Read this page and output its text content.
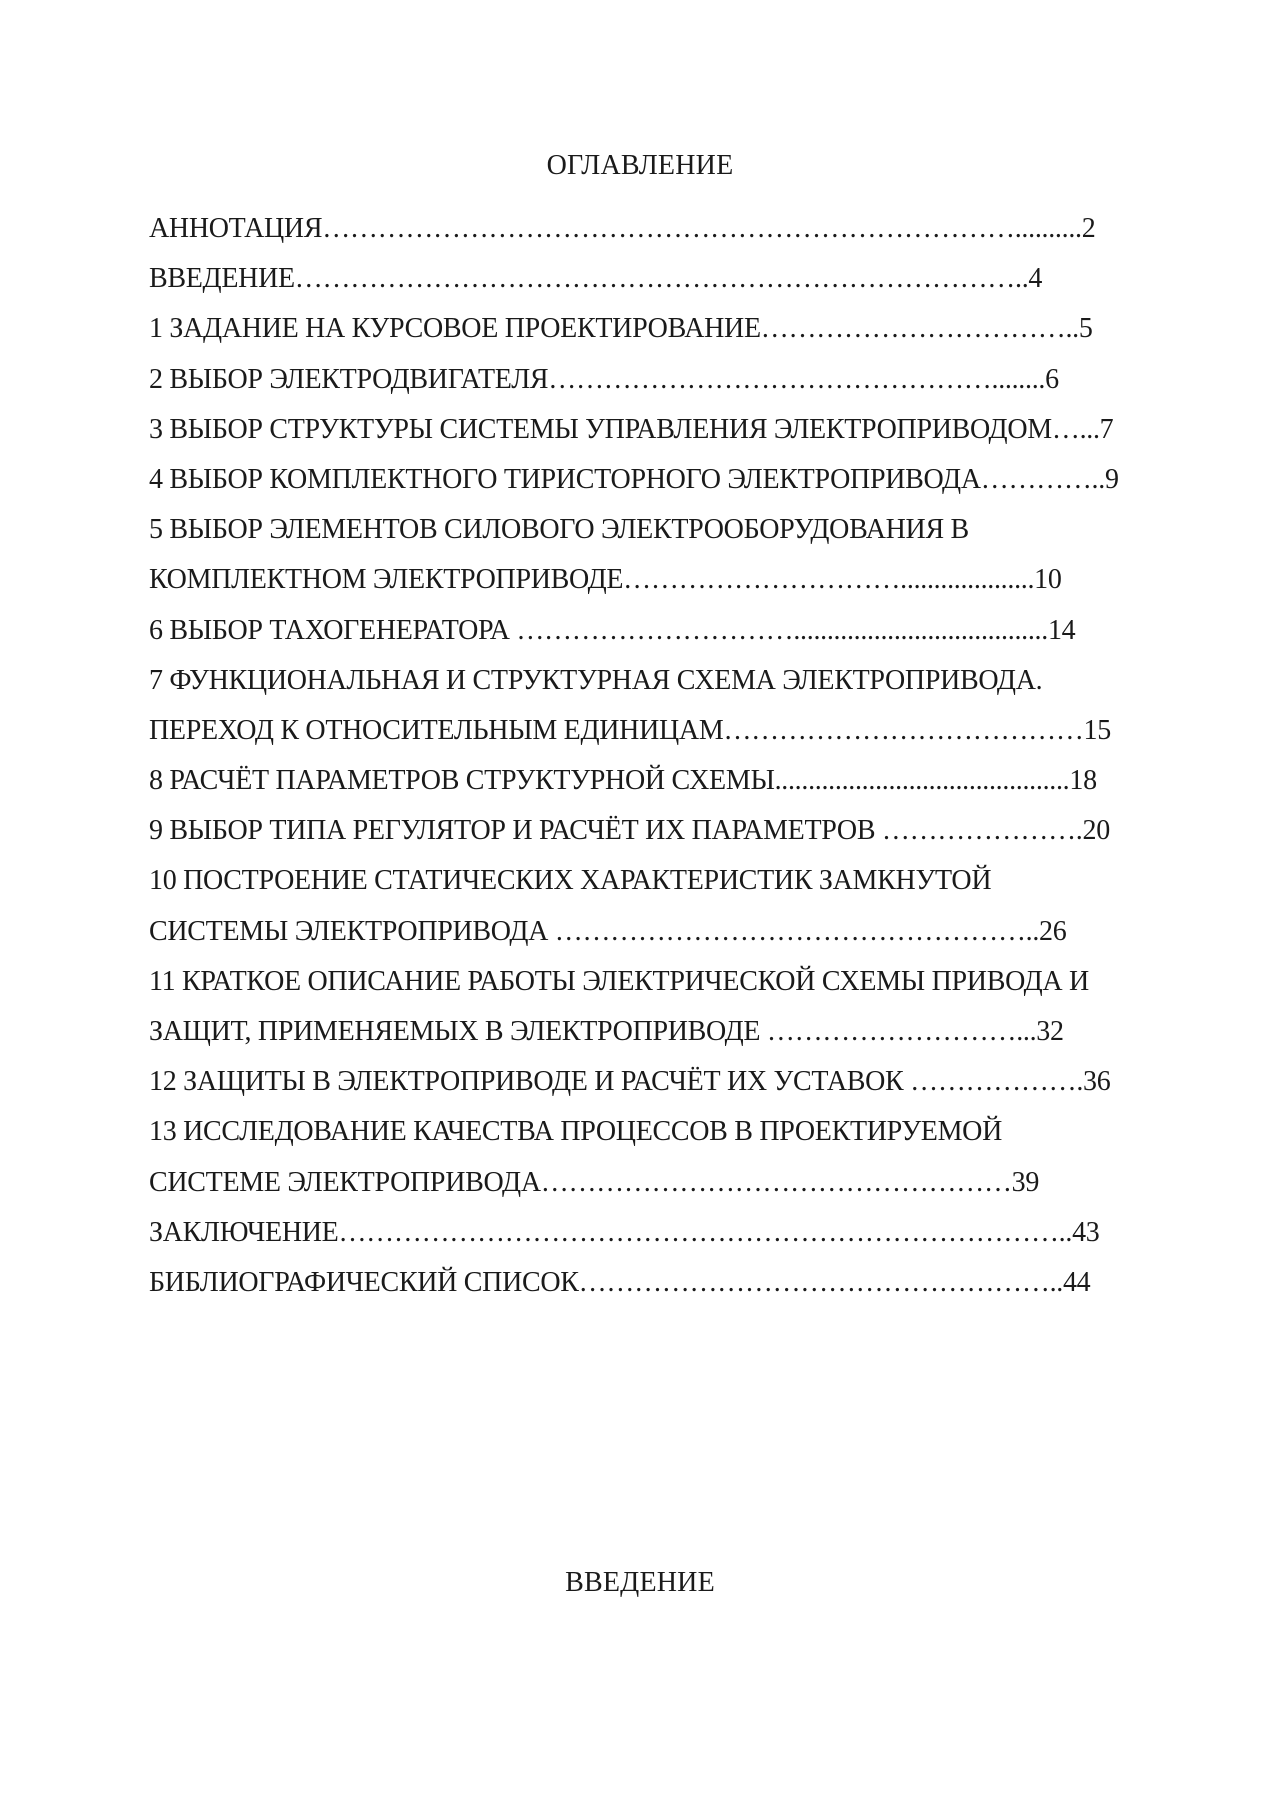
ОГЛАВЛЕНИЕ
АННОТАЦИЯ…………………………………………………………………..........2
ВВЕДЕНИЕ……………………………………………………………………..4
1 ЗАДАНИЕ НА КУРСОВОЕ ПРОЕКТИРОВАНИЕ……………………………..5
2 ВЫБОР ЭЛЕКТРОДВИГАТЕЛЯ…………………………………………........6
3 ВЫБОР СТРУКТУРЫ СИСТЕМЫ УПРАВЛЕНИЯ ЭЛЕКТРОПРИВОДОМ…...7
4 ВЫБОР КОМПЛЕКТНОГО ТИРИСТОРНОГО ЭЛЕКТРОПРИВОДА…………..9
5 ВЫБОР ЭЛЕМЕНТОВ СИЛОВОГО ЭЛЕКТРООБОРУДОВАНИЯ В
КОМПЛЕКТНОМ ЭЛЕКТРОПРИВОДЕ…………………………....................10
6 ВЫБОР ТАХОГЕНЕРАТОРА …………………………......................................14
7 ФУНКЦИОНАЛЬНАЯ И СТРУКТУРНАЯ СХЕМА ЭЛЕКТРОПРИВОДА.
ПЕРЕХОД К ОТНОСИТЕЛЬНЫМ ЕДИНИЦАМ…………………………………15
8 РАСЧЁТ ПАРАМЕТРОВ СТРУКТУРНОЙ СХЕМЫ............................................18
9 ВЫБОР ТИПА РЕГУЛЯТОР И РАСЧЁТ ИХ ПАРАМЕТРОВ ………………….20
10 ПОСТРОЕНИЕ СТАТИЧЕСКИХ ХАРАКТЕРИСТИК ЗАМКНУТОЙ
СИСТЕМЫ ЭЛЕКТРОПРИВОДА ……………………………………………..26
11 КРАТКОЕ ОПИСАНИЕ РАБОТЫ ЭЛЕКТРИЧЕСКОЙ СХЕМЫ ПРИВОДА И
ЗАЩИТ, ПРИМЕНЯЕМЫХ В ЭЛЕКТРОПРИВОДЕ ………………………...32
12 ЗАЩИТЫ В ЭЛЕКТРОПРИВОДЕ И РАСЧЁТ ИХ УСТАВОК ……………….36
13 ИССЛЕДОВАНИЕ КАЧЕСТВА ПРОЦЕССОВ В ПРОЕКТИРУЕМОЙ
СИСТЕМЕ ЭЛЕКТРОПРИВОДА……………………………………………39
ЗАКЛЮЧЕНИЕ……………………………………………………………………..43
БИБЛИОГРАФИЧЕСКИЙ СПИСОК……………………………………………..44
ВВЕДЕНИЕ
